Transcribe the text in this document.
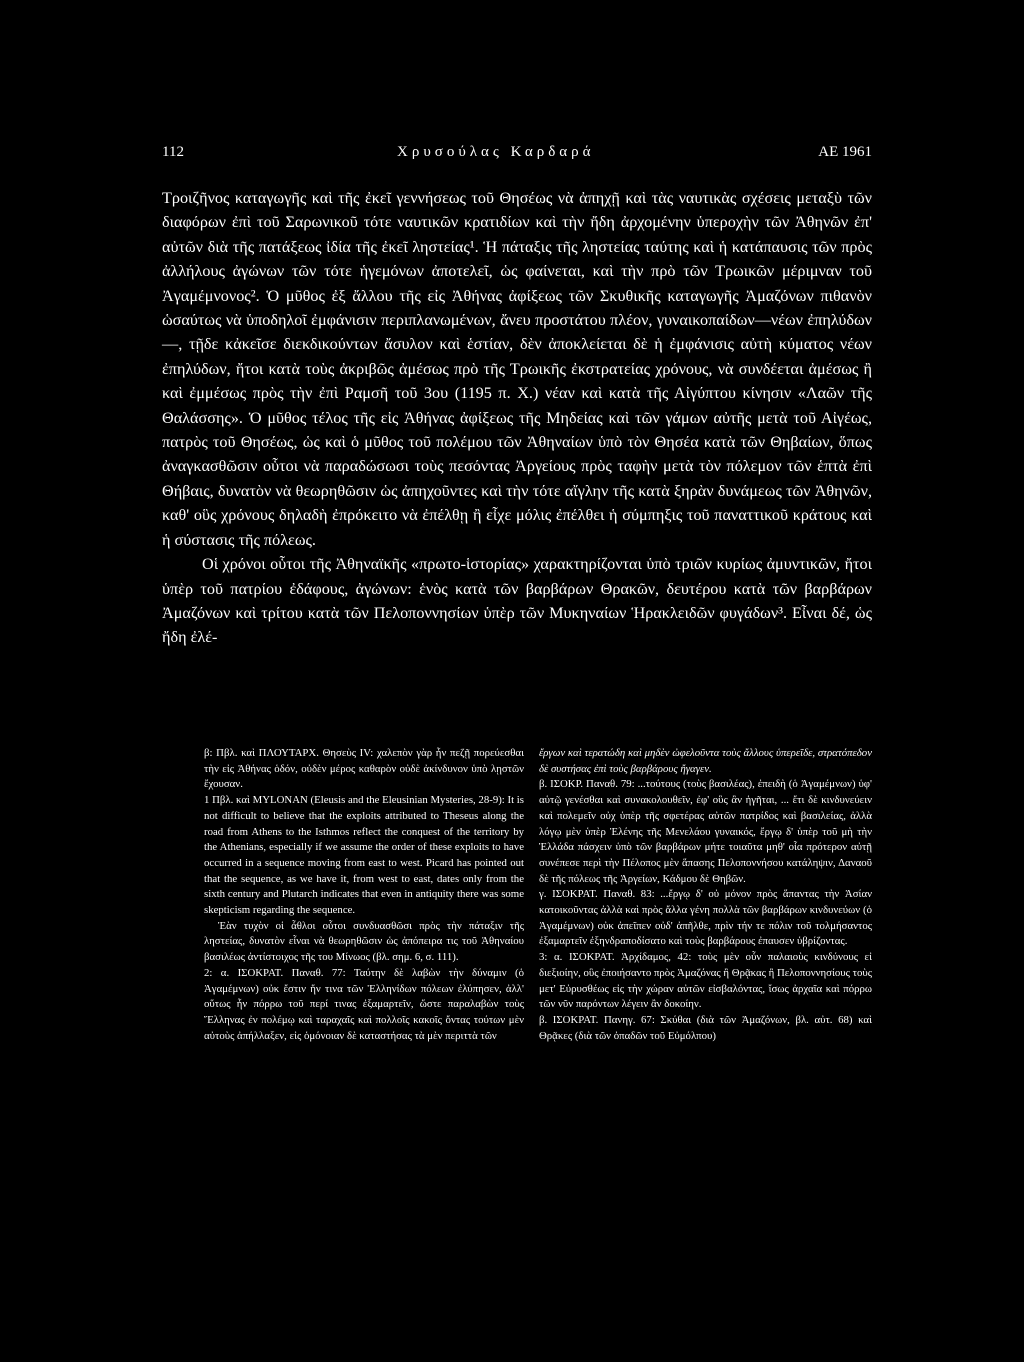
112	Χρυσούλας Καρδαρά	ΑΕ 1961

Τροιζῆνος καταγωγῆς καὶ τῆς ἐκεῖ γεννήσεως τοῦ Θησέως νὰ ἀπηχῇ καὶ τὰς ναυτικὰς σχέσεις μεταξὺ τῶν διαφόρων ἐπὶ τοῦ Σαρωνικοῦ τότε ναυτικῶν κρατιδίων καὶ τὴν ἤδη ἀρχομένην ὑπεροχὴν τῶν Ἀθηνῶν ἐπ' αὐτῶν διὰ τῆς πατάξεως ἰδία τῆς ἐκεῖ ληστείας¹. Ἡ πάταξις τῆς ληστείας ταύτης καὶ ἡ κατάπαυσις τῶν πρὸς ἀλλήλους ἀγώνων τῶν τότε ἡγεμόνων ἀποτελεῖ, ὡς φαίνεται, καὶ τὴν πρὸ τῶν Τρωικῶν μέριμναν τοῦ Ἀγαμέμνονος². Ὁ μῦθος ἐξ ἄλλου τῆς εἰς Ἀθήνας ἀφίξεως τῶν Σκυθικῆς καταγωγῆς Ἀμαζόνων πιθανὸν ὡσαύτως νὰ ὑποδηλοῖ ἐμφάνισιν περιπλανωμένων, ἄνευ προστάτου πλέον, γυναικοπαίδων—νέων ἐπηλύδων—, τῇδε κἀκεῖσε διεκδικούντων ἄσυλον καὶ ἑστίαν, δὲν ἀποκλείεται δὲ ἡ ἐμφάνισις αὐτὴ κύματος νέων ἐπηλύδων, ἤτοι κατὰ τοὺς ἀκριβῶς ἀμέσως πρὸ τῆς Τρωικῆς ἐκστρατείας χρόνους, νὰ συνδέεται ἀμέσως ἢ καὶ ἐμμέσως πρὸς τὴν ἐπὶ Ραμσῆ τοῦ 3ου (1195 π. Χ.) νέαν καὶ κατὰ τῆς Αἰγύπτου κίνησιν «Λαῶν τῆς Θαλάσσης». Ὁ μῦθος τέλος τῆς εἰς Ἀθήνας ἀφίξεως τῆς Μηδείας καὶ τῶν γάμων αὐτῆς μετὰ τοῦ Αἰγέως, πατρὸς τοῦ Θησέως, ὡς καὶ ὁ μῦθος τοῦ πολέμου τῶν Ἀθηναίων ὑπὸ τὸν Θησέα κατὰ τῶν Θηβαίων, ὅπως ἀναγκασθῶσιν οὗτοι νὰ παραδώσωσι τοὺς πεσόντας Ἀργείους πρὸς ταφὴν μετὰ τὸν πόλεμον τῶν ἑπτὰ ἐπὶ Θήβαις, δυνατὸν νὰ θεωρηθῶσιν ὡς ἀπηχοῦντες καὶ τὴν τότε αἴγλην τῆς κατὰ ξηρὰν δυνάμεως τῶν Ἀθηνῶν, καθ' οὓς χρόνους δηλαδὴ ἐπρόκειτο νὰ ἐπέλθῃ ἢ εἶχε μόλις ἐπέλθει ἡ σύμπηξις τοῦ παναττικοῦ κράτους καὶ ἡ σύστασις τῆς πόλεως.

Οἱ χρόνοι οὗτοι τῆς Ἀθηναϊκῆς «πρωτο-ἱστορίας» χαρακτηρίζονται ὑπὸ τριῶν κυρίως ἀμυντικῶν, ἤτοι ὑπὲρ τοῦ πατρίου ἐδάφους, ἀγώνων: ἑνὸς κατὰ τῶν βαρβάρων Θρακῶν, δευτέρου κατὰ τῶν βαρβάρων Ἀμαζόνων καὶ τρίτου κατὰ τῶν Πελοποννησίων ὑπὲρ τῶν Μυκηναίων Ἡρακλειδῶν φυγάδων³. Εἶναι δέ, ὡς ἤδη ἐλέ-

β: Πβλ. καὶ ΠΛΟΥΤΑΡΧ. Θησεὺς IV: χαλεπὸν γὰρ ἦν πεζῇ πορεύεσθαι τὴν εἰς Ἀθήνας ὁδόν, οὐδὲν μέρος καθαρὸν οὐδὲ ἀκίνδυνον ὑπὸ λῃστῶν ἔχουσαν.

1 Πβλ. καὶ MYLONAN (Eleusis and the Eleusinian Mysteries, 28-9): It is not difficult to believe that the exploits attributed to Theseus along the road from Athens to the Isthmos reflect the conquest of the territory by the Athenians, especially if we assume the order of these exploits to have occurred in a sequence moving from east to west. Picard has pointed out that the sequence, as we have it, from west to east, dates only from the sixth century and Plutarch indicates that even in antiquity there was some skepticism regarding the sequence.

Ἐὰν τυχὸν οἱ ἆθλοι οὗτοι συνδυασθῶσι πρὸς τὴν πάταξιν τῆς ληστείας, δυνατὸν εἶναι νὰ θεωρηθῶσιν ὡς ἀπόπειρα τις τοῦ Ἀθηναίου βασιλέως ἀντίστοιχος τῆς του Μίνωος (βλ. σημ. 6, σ. 111).

2: α. ΙΣΟΚΡΑΤ. Παναθ. 77: Ταύτην δὲ λαβὼν τὴν δύναμιν (ὁ Ἀγαμέμνων) οὐκ ἔστιν ἥν τινα τῶν Ἑλληνίδων πόλεων ἐλύπησεν, ἀλλ' οὕτως ἦν πόρρω τοῦ περί τινας ἐξαμαρτεῖν, ὥστε παραλαβὼν τοὺς Ἕλληνας ἐν πολέμῳ καὶ ταραχαῖς καὶ πολλοῖς κακοῖς ὄντας τούτων μὲν αὐτοὺς ἀπήλλαξεν, εἰς ὁμόνοιαν δὲ καταστήσας τὰ μὲν περιττὰ τῶν

ἔργων καὶ τερατώδη καὶ μηδὲν ὠφελοῦντα τοὺς ἄλλους ὑπερεῖδε, στρατόπεδον δὲ συστήσας ἐπὶ τοὺς βαρβάρους ἤγαγεν.

β. ΙΣΟΚΡ. Παναθ. 79: ...τούτους (τοὺς βασιλέας), ἐπειδὴ (ὁ Ἀγαμέμνων) ὑφ' αὑτῷ γενέσθαι καὶ συνακολουθεῖν, ἐφ' οὓς ἂν ἡγῆται, ... ἔτι δὲ κινδυνεύειν καὶ πολεμεῖν οὐχ ὑπὲρ τῆς σφετέρας αὐτῶν πατρίδος καὶ βασιλείας, ἀλλὰ λόγῳ μὲν ὑπὲρ Ἑλένης τῆς Μενελάου γυναικός, ἔργῳ δ' ὑπὲρ τοῦ μὴ τὴν Ἑλλάδα πάσχειν ὑπὸ τῶν βαρβάρων μήτε τοιαῦτα μηθ' οἷα πρότερον αὐτῇ συνέπεσε περὶ τὴν Πέλοπος μὲν ἅπασης Πελοποννήσου κατάληψιν, Δαναοῦ δὲ τῆς πόλεως τῆς Ἀργείων, Κάδμου δὲ Θηβῶν.

γ. ΙΣΟΚΡΑΤ. Παναθ. 83: ...ἔργῳ δ' οὐ μόνον πρὸς ἅπαντας τὴν Ἀσίαν κατοικοῦντας ἀλλὰ καὶ πρὸς ἄλλα γένη πολλὰ τῶν βαρβάρων κινδυνεύων (ὁ Ἀγαμέμνων) οὐκ ἀπεῖπεν οὐδ' ἀπῆλθε, πρὶν τήν τε πόλιν τοῦ τολμήσαντος ἐξαμαρτεῖν ἐξηνδραποδίσατο καὶ τοὺς βαρβάρους ἐπαυσεν ὑβρίζοντας.

3: α. ΙΣΟΚΡΑΤ. Ἀρχίδαμος, 42: τοὺς μὲν οὖν παλαιοὺς κινδύνους εἰ διεξιοίην, οὓς ἐποιήσαντο πρὸς Ἀμαζόνας ἢ Θρᾷκας ἢ Πελοποννησίους τοὺς μετ' Εὐρυσθέως εἰς τὴν χώραν αὐτῶν εἰσβαλόντας, ἴσως ἀρχαῖα καὶ πόρρω τῶν νῦν παρόντων λέγειν ἂν δοκοίην.

β. ΙΣΟΚΡΑΤ. Πανηγ. 67: Σκύθαι (διὰ τῶν Ἀμαζόνων, βλ. αὐτ. 68) καὶ Θρᾷκες (διὰ τῶν ὀπαδῶν τοῦ Εὐμόλπου)
